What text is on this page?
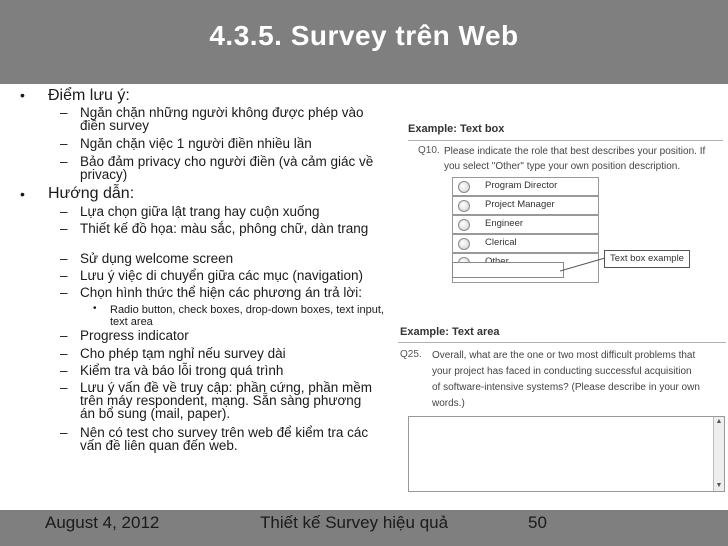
4.3.5. Survey trên Web
• Điểm lưu ý:
– Ngăn chặn những người không được phép vào điền survey
– Ngăn chặn việc 1 người điền nhiều lần
– Bảo đảm privacy cho người điền (và cảm giác về privacy)
• Hướng dẫn:
– Lựa chọn giữa lật trang hay cuộn xuống
– Thiết kế đồ họa: màu sắc, phông chữ, dàn trang
– Sử dụng welcome screen
– Lưu ý việc di chuyển giữa các mục (navigation)
– Chọn hình thức thể hiện các phương án trả lời:
• Radio button, check boxes, drop-down boxes, text input, text area
– Progress indicator
– Cho phép tạm nghỉ nếu survey dài
– Kiểm tra và báo lỗi trong quá trình
– Lưu ý vấn đề về truy cập: phần cứng, phần mềm trên máy respondent, mạng. Sẵn sàng phương án bổ sung (mail, paper).
– Nên có test cho survey trên web để kiểm tra các vấn đề liên quan đến web.
Example: Text box
Q10. Please indicate the role that best describes your position. If you select "Other" type your own position description.
Program Director
Project Manager
Engineer
Clerical
Text box example
Example: Text area
Q25. Overall, what are the one or two most difficult problems that your project has faced in conducting successful acquisition of software-intensive systems? (Please describe in your own words.)
▲
▼
August 4, 2012	Thiết kế Survey hiệu quả	50
